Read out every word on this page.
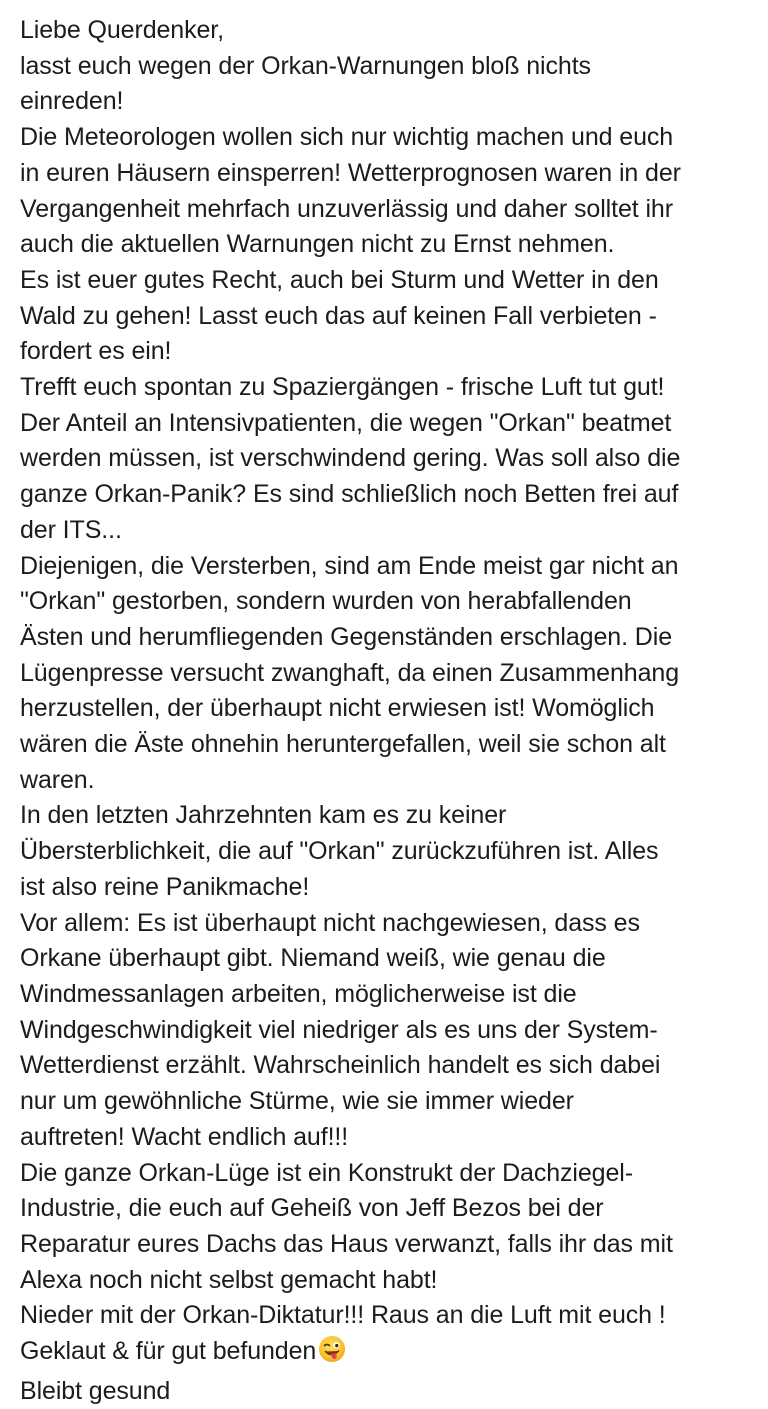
Liebe Querdenker,
lasst euch wegen der Orkan-Warnungen bloß nichts
einreden!
Die Meteorologen wollen sich nur wichtig machen und euch
in euren Häusern einsperren! Wetterprognosen waren in der
Vergangenheit mehrfach unzuverlässig und daher solltet ihr
auch die aktuellen Warnungen nicht zu Ernst nehmen.
Es ist euer gutes Recht, auch bei Sturm und Wetter in den
Wald zu gehen! Lasst euch das auf keinen Fall verbieten -
fordert es ein!
Trefft euch spontan zu Spaziergängen - frische Luft tut gut!
Der Anteil an Intensivpatienten, die wegen "Orkan" beatmet
werden müssen, ist verschwindend gering. Was soll also die
ganze Orkan-Panik? Es sind schließlich noch Betten frei auf
der ITS...
Diejenigen, die Versterben, sind am Ende meist gar nicht an
"Orkan" gestorben, sondern wurden von herabfallenden
Ästen und herumfliegenden Gegenständen erschlagen. Die
Lügenpresse versucht zwanghaft, da einen Zusammenhang
herzustellen, der überhaupt nicht erwiesen ist! Womöglich
wären die Äste ohnehin heruntergefallen, weil sie schon alt
waren.
In den letzten Jahrzehnten kam es zu keiner
Übersterblichkeit, die auf "Orkan" zurückzuführen ist. Alles
ist also reine Panikmache!
Vor allem: Es ist überhaupt nicht nachgewiesen, dass es
Orkane überhaupt gibt. Niemand weiß, wie genau die
Windmessanlagen arbeiten, möglicherweise ist die
Windgeschwindigkeit viel niedriger als es uns der System-
Wetterdienst erzählt. Wahrscheinlich handelt es sich dabei
nur um gewöhnliche Stürme, wie sie immer wieder
auftreten! Wacht endlich auf!!!
Die ganze Orkan-Lüge ist ein Konstrukt der Dachziegel-
Industrie, die euch auf Geheiß von Jeff Bezos bei der
Reparatur eures Dachs das Haus verwanzt, falls ihr das mit
Alexa noch nicht selbst gemacht habt!
Nieder mit der Orkan-Diktatur!!! Raus an die Luft mit euch !
Geklaut & für gut befunden
Bleibt gesund
